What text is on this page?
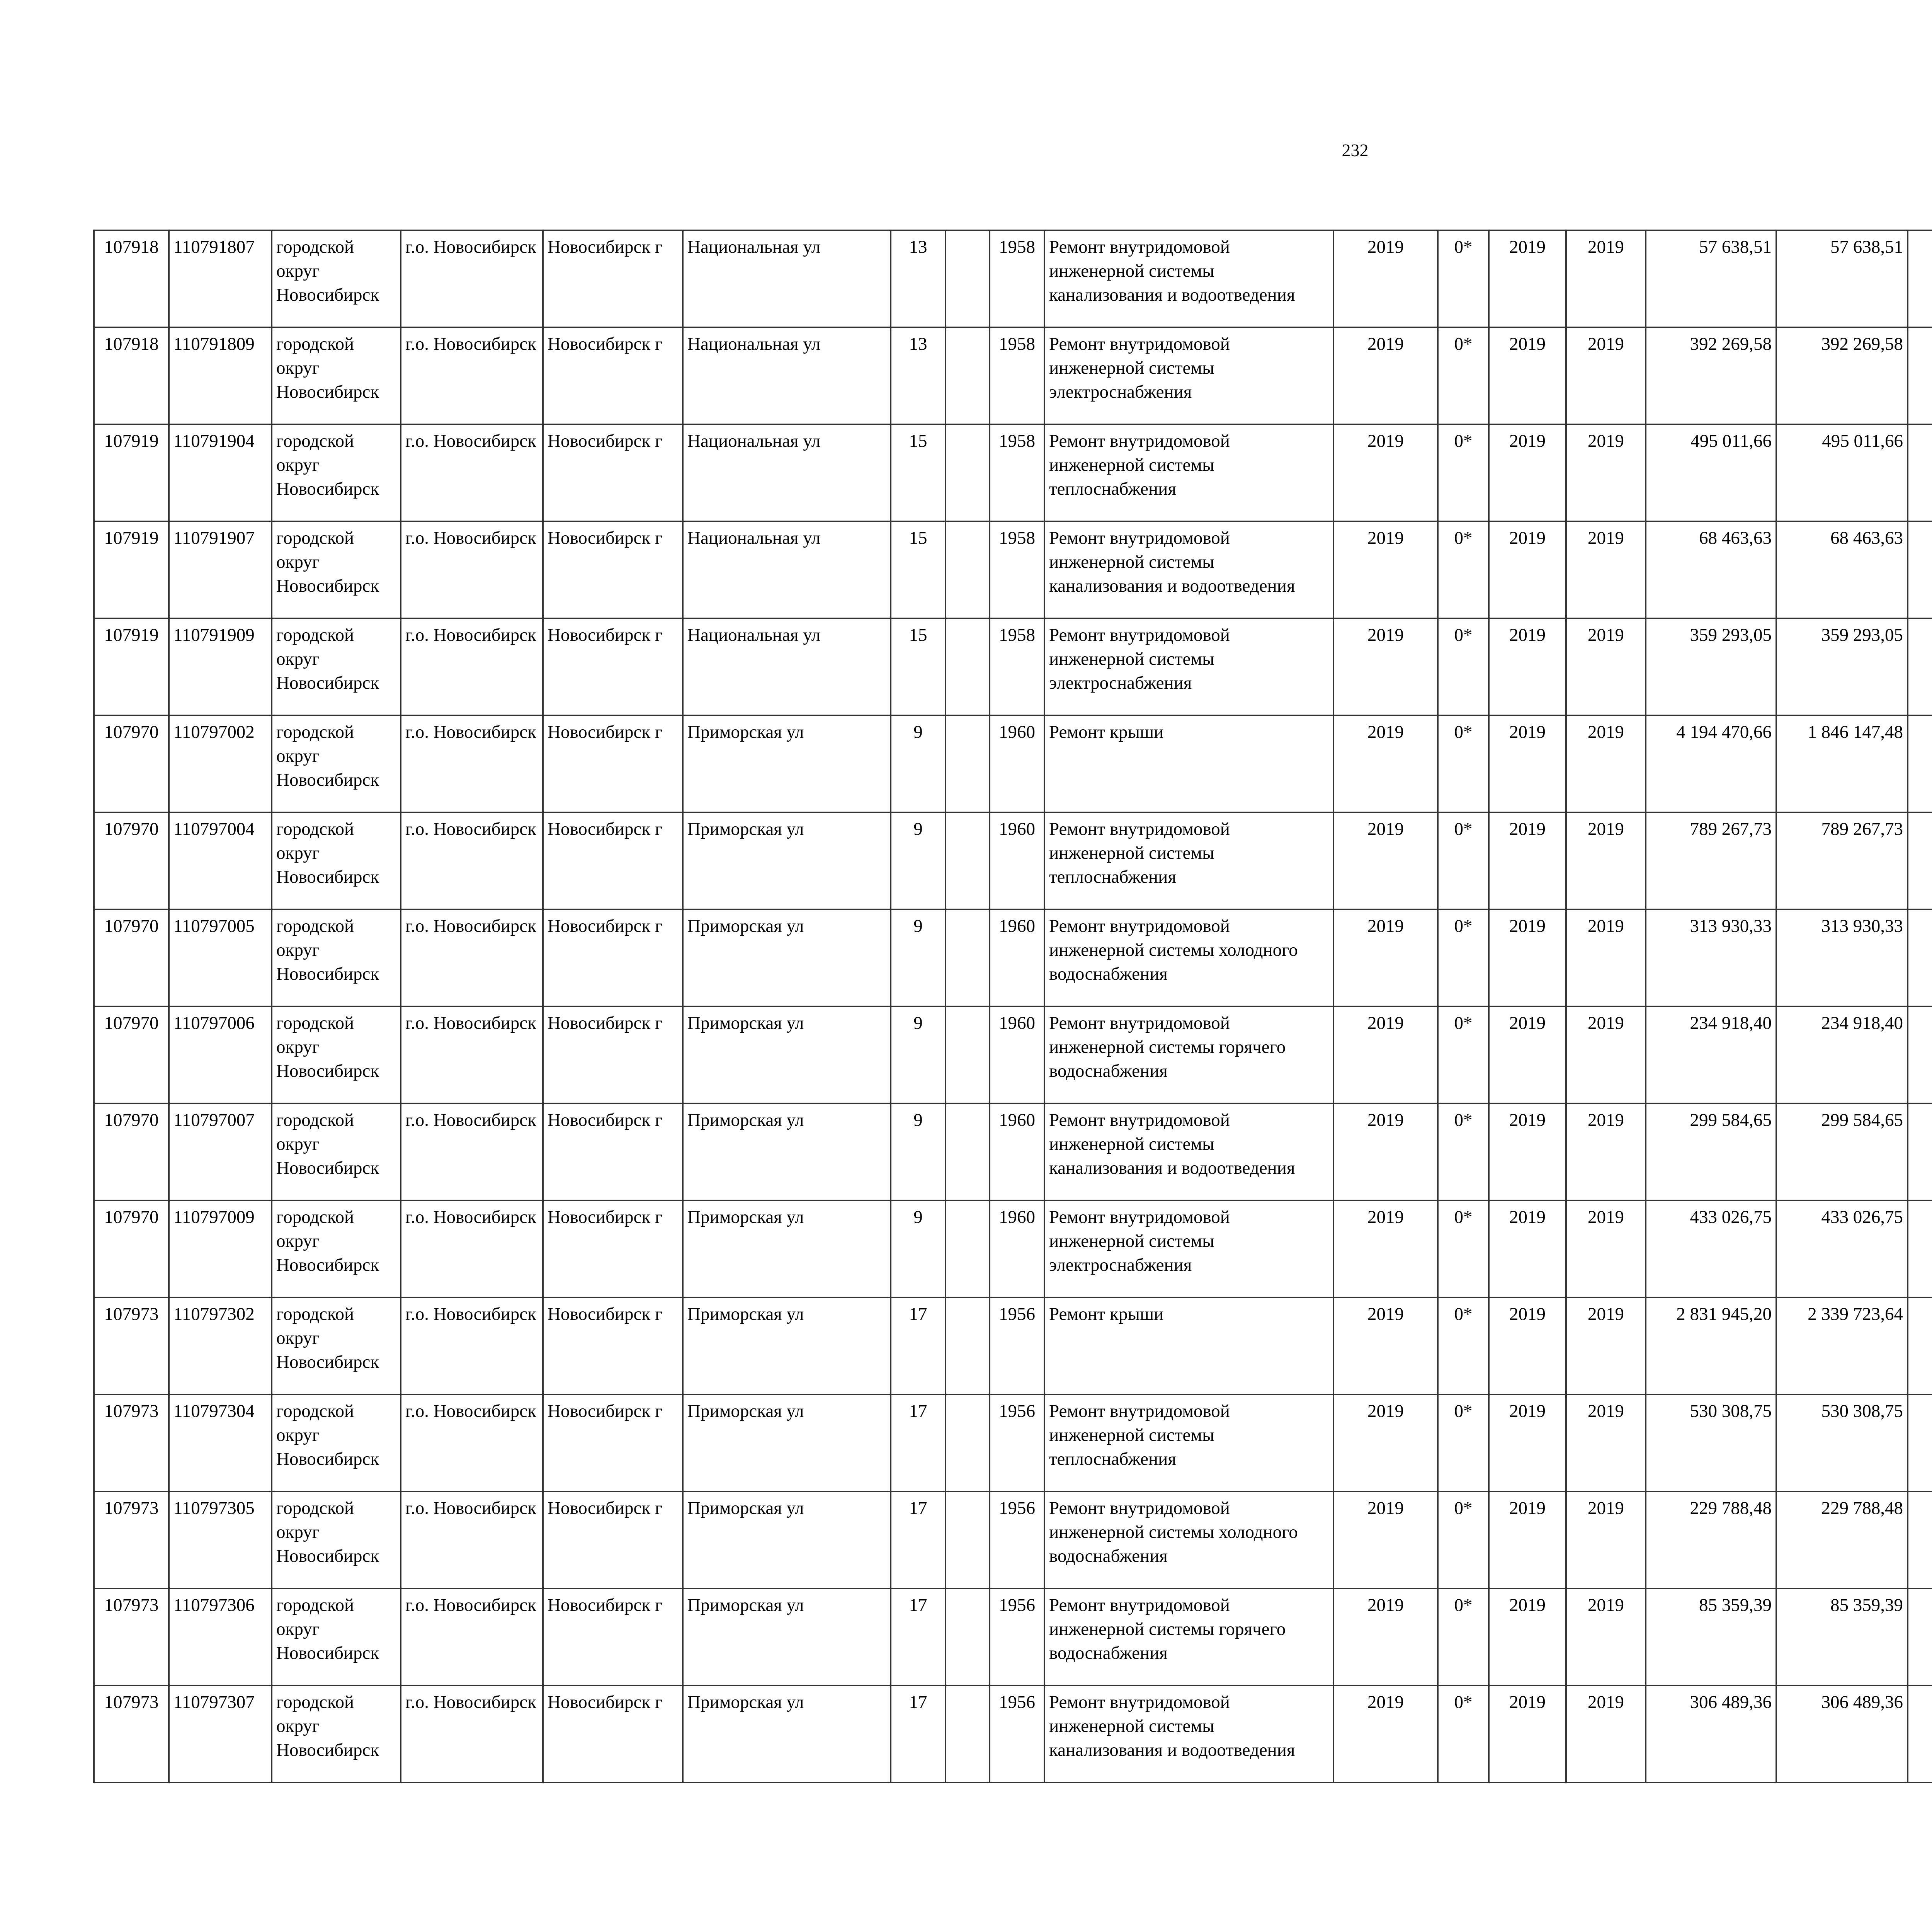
232
107918	110791807	городской округ Новосибирск	г.о. Новосибирск	Новосибирск г	Национальная ул	13		1958	Ремонт внутридомовой инженерной системы канализования и водоотведения	2019	0*	2019	2019	57 638,51	57 638,51						
107918	110791809	городской округ Новосибирск	г.о. Новосибирск	Новосибирск г	Национальная ул	13		1958	Ремонт внутридомовой инженерной системы электроснабжения	2019	0*	2019	2019	392 269,58	392 269,58						
107919	110791904	городской округ Новосибирск	г.о. Новосибирск	Новосибирск г	Национальная ул	15		1958	Ремонт внутридомовой инженерной системы теплоснабжения	2019	0*	2019	2019	495 011,66	495 011,66						
107919	110791907	городской округ Новосибирск	г.о. Новосибирск	Новосибирск г	Национальная ул	15		1958	Ремонт внутридомовой инженерной системы канализования и водоотведения	2019	0*	2019	2019	68 463,63	68 463,63						
107919	110791909	городской округ Новосибирск	г.о. Новосибирск	Новосибирск г	Национальная ул	15		1958	Ремонт внутридомовой инженерной системы электроснабжения	2019	0*	2019	2019	359 293,05	359 293,05						
107970	110797002	городской округ Новосибирск	г.о. Новосибирск	Новосибирск г	Приморская ул	9		1960	Ремонт крыши	2019	0*	2019	2019	4 194 470,66	1 846 147,48						
107970	110797004	городской округ Новосибирск	г.о. Новосибирск	Новосибирск г	Приморская ул	9		1960	Ремонт внутридомовой инженерной системы теплоснабжения	2019	0*	2019	2019	789 267,73	789 267,73						
107970	110797005	городской округ Новосибирск	г.о. Новосибирск	Новосибирск г	Приморская ул	9		1960	Ремонт внутридомовой инженерной системы холодного водоснабжения	2019	0*	2019	2019	313 930,33	313 930,33						
107970	110797006	городской округ Новосибирск	г.о. Новосибирск	Новосибирск г	Приморская ул	9		1960	Ремонт внутридомовой инженерной системы горячего водоснабжения	2019	0*	2019	2019	234 918,40	234 918,40						
107970	110797007	городской округ Новосибирск	г.о. Новосибирск	Новосибирск г	Приморская ул	9		1960	Ремонт внутридомовой инженерной системы канализования и водоотведения	2019	0*	2019	2019	299 584,65	299 584,65						
107970	110797009	городской округ Новосибирск	г.о. Новосибирск	Новосибирск г	Приморская ул	9		1960	Ремонт внутридомовой инженерной системы электроснабжения	2019	0*	2019	2019	433 026,75	433 026,75						
107973	110797302	городской округ Новосибирск	г.о. Новосибирск	Новосибирск г	Приморская ул	17		1956	Ремонт крыши	2019	0*	2019	2019	2 831 945,20	2 339 723,64						
107973	110797304	городской округ Новосибирск	г.о. Новосибирск	Новосибирск г	Приморская ул	17		1956	Ремонт внутридомовой инженерной системы теплоснабжения	2019	0*	2019	2019	530 308,75	530 308,75						
107973	110797305	городской округ Новосибирск	г.о. Новосибирск	Новосибирск г	Приморская ул	17		1956	Ремонт внутридомовой инженерной системы холодного водоснабжения	2019	0*	2019	2019	229 788,48	229 788,48						
107973	110797306	городской округ Новосибирск	г.о. Новосибирск	Новосибирск г	Приморская ул	17		1956	Ремонт внутридомовой инженерной системы горячего водоснабжения	2019	0*	2019	2019	85 359,39	85 359,39						
107973	110797307	городской округ Новосибирск	г.о. Новосибирск	Новосибирск г	Приморская ул	17		1956	Ремонт внутридомовой инженерной системы канализования и водоотведения	2019	0*	2019	2019	306 489,36	306 489,36						
